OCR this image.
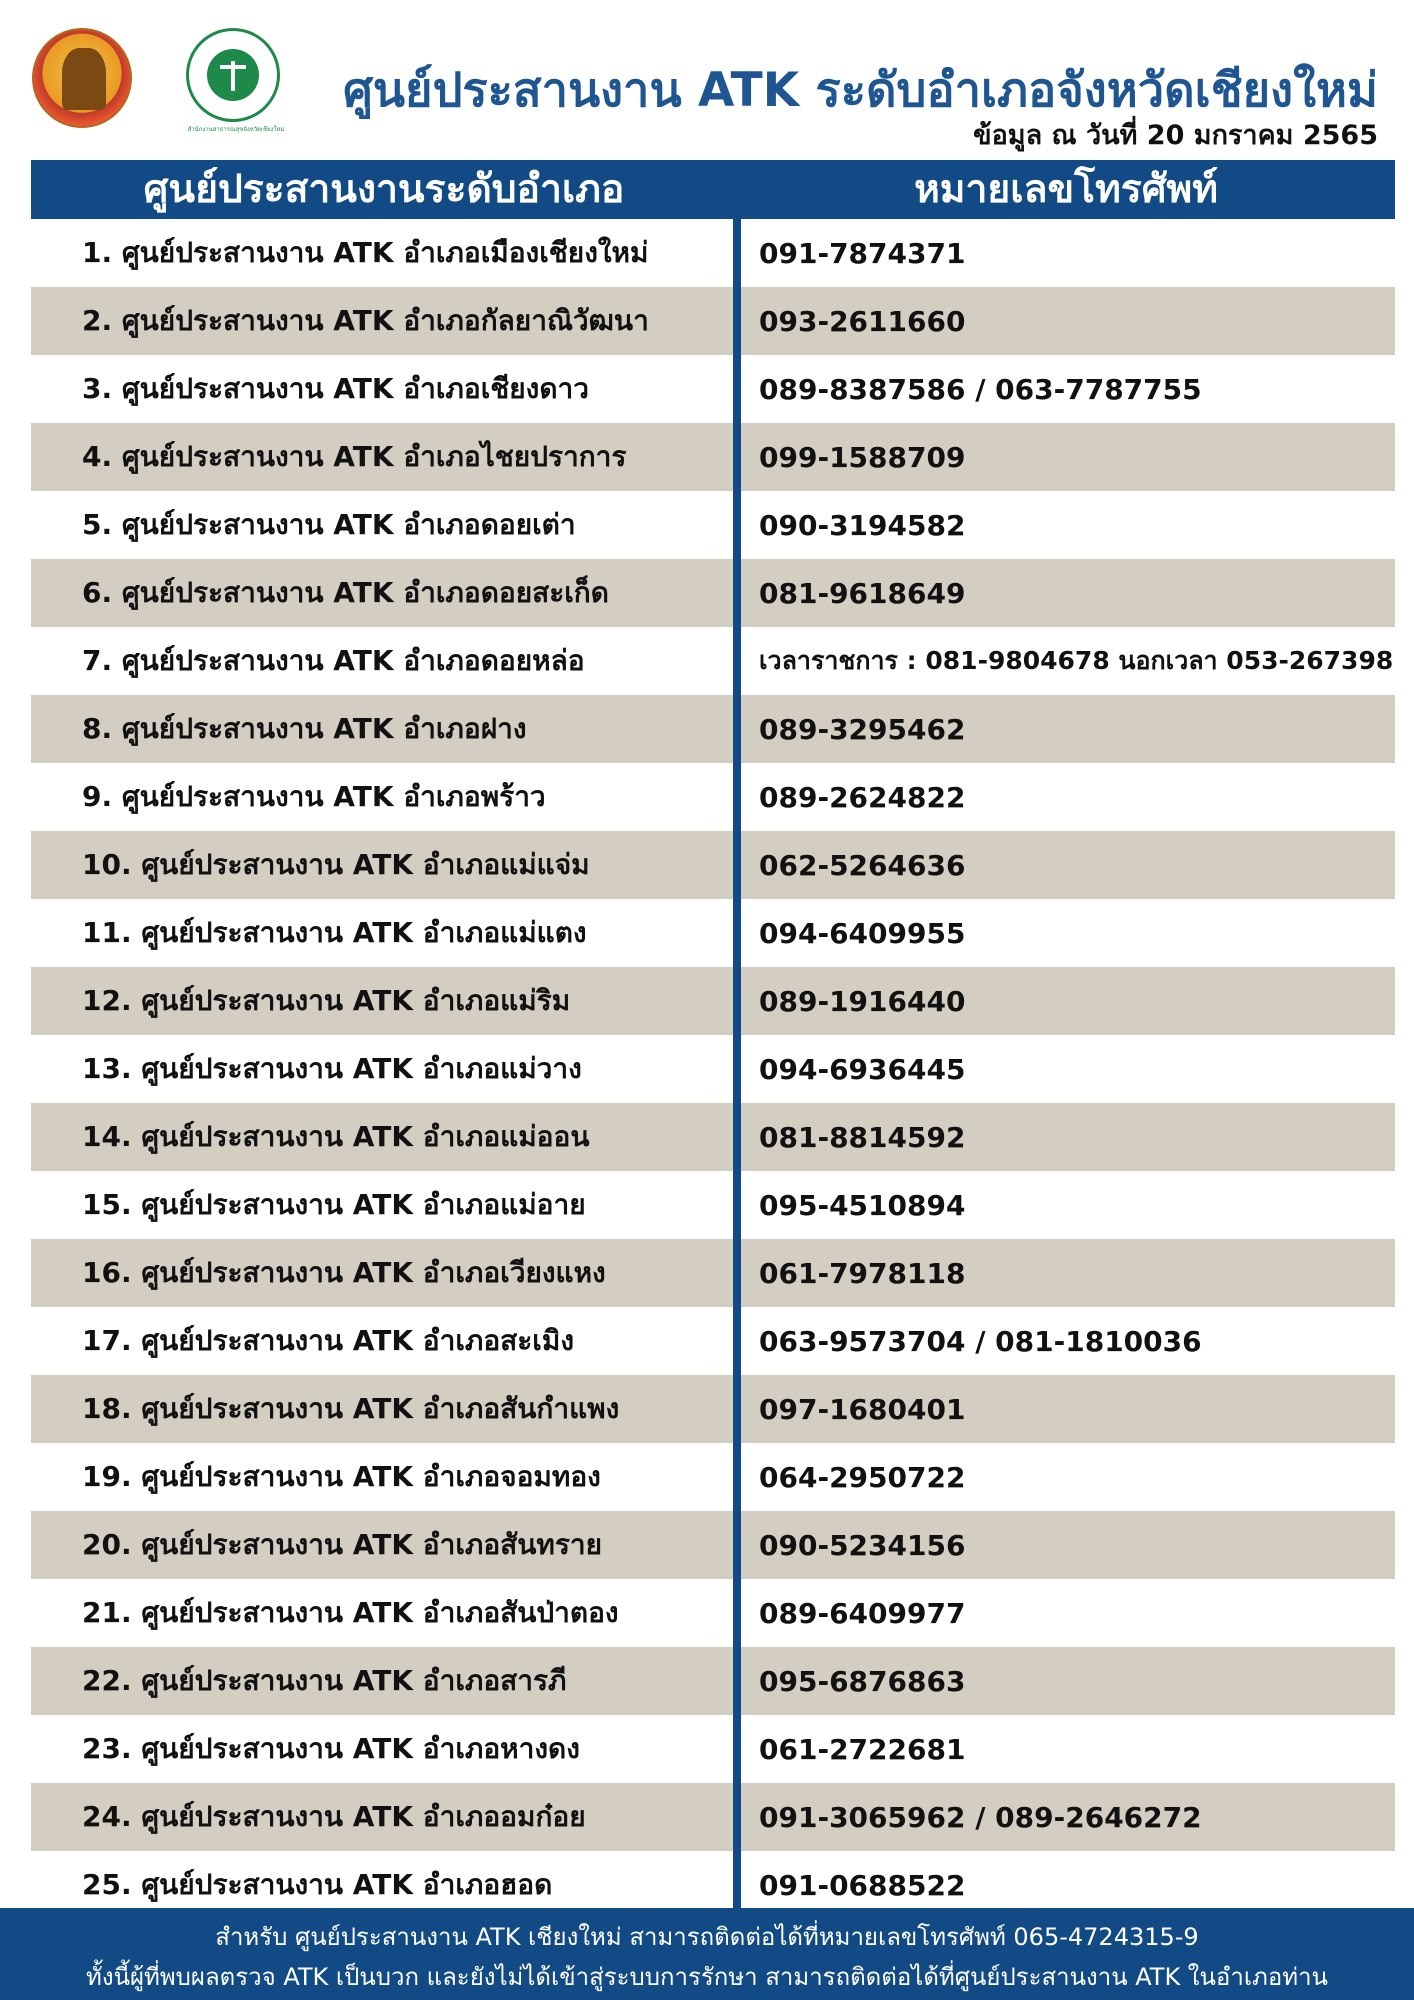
สำนักงานสาธารณสุขจังหวัดเชียงใหม่
ศูนย์ประสานงาน ATK ระดับอำเภอจังหวัดเชียงใหม่
ข้อมูล ณ วันที่ 20 มกราคม 2565
ศูนย์ประสานงานระดับอำเภอ	หมายเลขโทรศัพท์
1. ศูนย์ประสานงาน ATK อำเภอเมืองเชียงใหม่	091-7874371
2. ศูนย์ประสานงาน ATK อำเภอกัลยาณิวัฒนา	093-2611660
3. ศูนย์ประสานงาน ATK อำเภอเชียงดาว	089-8387586 / 063-7787755
4. ศูนย์ประสานงาน ATK อำเภอไชยปราการ	099-1588709
5. ศูนย์ประสานงาน ATK อำเภอดอยเต่า	090-3194582
6. ศูนย์ประสานงาน ATK อำเภอดอยสะเก็ด	081-9618649
7. ศูนย์ประสานงาน ATK อำเภอดอยหล่อ	เวลาราชการ : 081-9804678 นอกเวลา 053-267398
8. ศูนย์ประสานงาน ATK อำเภอฝาง	089-3295462
9. ศูนย์ประสานงาน ATK อำเภอพร้าว	089-2624822
10. ศูนย์ประสานงาน ATK อำเภอแม่แจ่ม	062-5264636
11. ศูนย์ประสานงาน ATK อำเภอแม่แตง	094-6409955
12. ศูนย์ประสานงาน ATK อำเภอแม่ริม	089-1916440
13. ศูนย์ประสานงาน ATK อำเภอแม่วาง	094-6936445
14. ศูนย์ประสานงาน ATK อำเภอแม่ออน	081-8814592
15. ศูนย์ประสานงาน ATK อำเภอแม่อาย	095-4510894
16. ศูนย์ประสานงาน ATK อำเภอเวียงแหง	061-7978118
17. ศูนย์ประสานงาน ATK อำเภอสะเมิง	063-9573704 / 081-1810036
18. ศูนย์ประสานงาน ATK อำเภอสันกำแพง	097-1680401
19. ศูนย์ประสานงาน ATK อำเภอจอมทอง	064-2950722
20. ศูนย์ประสานงาน ATK อำเภอสันทราย	090-5234156
21. ศูนย์ประสานงาน ATK อำเภอสันป่าตอง	089-6409977
22. ศูนย์ประสานงาน ATK อำเภอสารภี	095-6876863
23. ศูนย์ประสานงาน ATK อำเภอหางดง	061-2722681
24. ศูนย์ประสานงาน ATK อำเภออมก๋อย	091-3065962 / 089-2646272
25. ศูนย์ประสานงาน ATK อำเภอฮอด	091-0688522
สำหรับ ศูนย์ประสานงาน ATK เชียงใหม่ สามารถติดต่อได้ที่หมายเลขโทรศัพท์ 065-4724315-9
ทั้งนี้ผู้ที่พบผลตรวจ ATK เป็นบวก และยังไม่ได้เข้าสู่ระบบการรักษา สามารถติดต่อได้ที่ศูนย์ประสานงาน ATK ในอำเภอท่าน
